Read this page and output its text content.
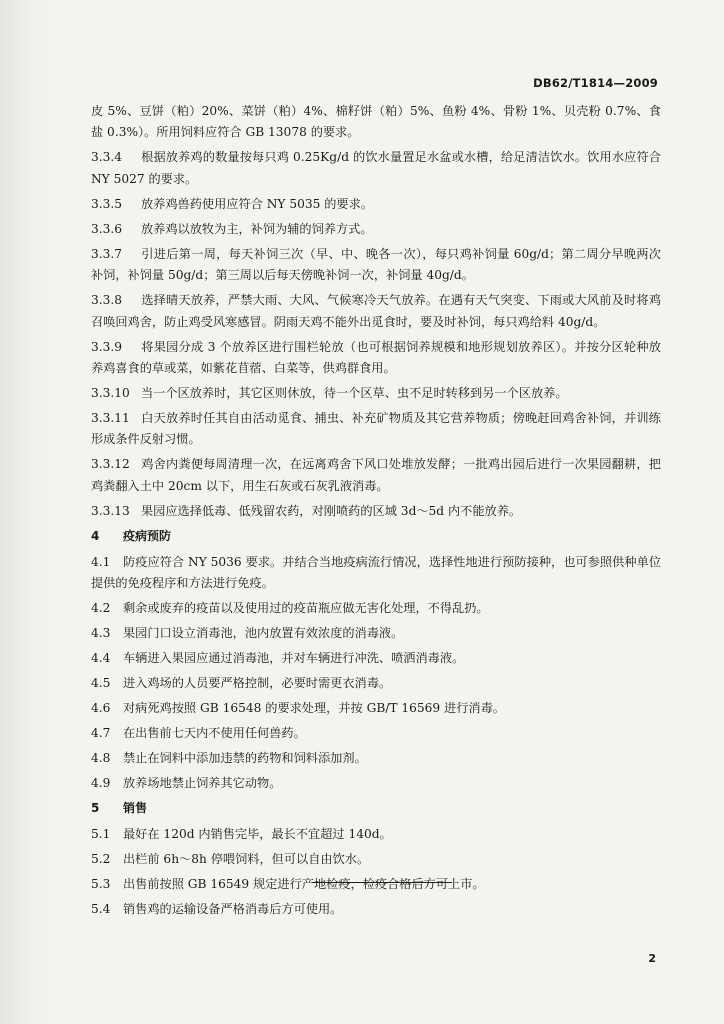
DB62/T1814—2009

皮 5%、豆饼（粕）20%、菜饼（粕）4%、棉籽饼（粕）5%、鱼粉 4%、骨粉 1%、贝壳粉 0.7%、食盐 0.3%）。所用饲料应符合 GB 13078 的要求。

3.3.4 根据放养鸡的数量按每只鸡 0.25Kg/d 的饮水量置足水盆或水槽，给足清洁饮水。饮用水应符合 NY 5027 的要求。

3.3.5 放养鸡兽药使用应符合 NY 5035 的要求。

3.3.6 放养鸡以放牧为主，补饲为辅的饲养方式。

3.3.7 引进后第一周，每天补饲三次（早、中、晚各一次），每只鸡补饲量 60g/d；第二周分早晚两次补饲，补饲量 50g/d；第三周以后每天傍晚补饲一次，补饲量 40g/d。

3.3.8 选择晴天放养，严禁大雨、大风、气候寒冷天气放养。在遇有天气突变、下雨或大风前及时将鸡召唤回鸡舍，防止鸡受风寒感冒。阴雨天鸡不能外出觅食时，要及时补饲，每只鸡给料 40g/d。

3.3.9 将果园分成 3 个放养区进行围栏轮放（也可根据饲养规模和地形规划放养区）。并按分区轮种放养鸡喜食的草或菜，如紫花苜蓿、白菜等，供鸡群食用。

3.3.10 当一个区放养时，其它区则休放，待一个区草、虫不足时转移到另一个区放养。

3.3.11 白天放养时任其自由活动觅食、捕虫、补充矿物质及其它营养物质；傍晚赶回鸡舍补饲，并训练形成条件反射习惯。

3.3.12 鸡舍内粪便每周清理一次，在远离鸡舍下风口处堆放发酵；一批鸡出园后进行一次果园翻耕，把鸡粪翻入土中 20cm 以下，用生石灰或石灰乳液消毒。

3.3.13 果园应选择低毒、低残留农药，对刚喷药的区域 3d～5d 内不能放养。

4 疫病预防

4.1 防疫应符合 NY 5036 要求。并结合当地疫病流行情况，选择性地进行预防接种，也可参照供种单位提供的免疫程序和方法进行免疫。

4.2 剩余或废弃的疫苗以及使用过的疫苗瓶应做无害化处理，不得乱扔。

4.3 果园门口设立消毒池，池内放置有效浓度的消毒液。

4.4 车辆进入果园应通过消毒池，并对车辆进行冲洗、喷洒消毒液。

4.5 进入鸡场的人员要严格控制，必要时需更衣消毒。

4.6 对病死鸡按照 GB 16548 的要求处理，并按 GB/T 16569 进行消毒。

4.7 在出售前七天内不使用任何兽药。

4.8 禁止在饲料中添加违禁的药物和饲料添加剂。

4.9 放养场地禁止饲养其它动物。

5 销售

5.1 最好在 120d 内销售完毕，最长不宜超过 140d。

5.2 出栏前 6h～8h 停喂饲料，但可以自由饮水。

5.3 出售前按照 GB 16549 规定进行产地检疫，检疫合格后方可上市。

5.4 销售鸡的运输设备严格消毒后方可使用。

2
